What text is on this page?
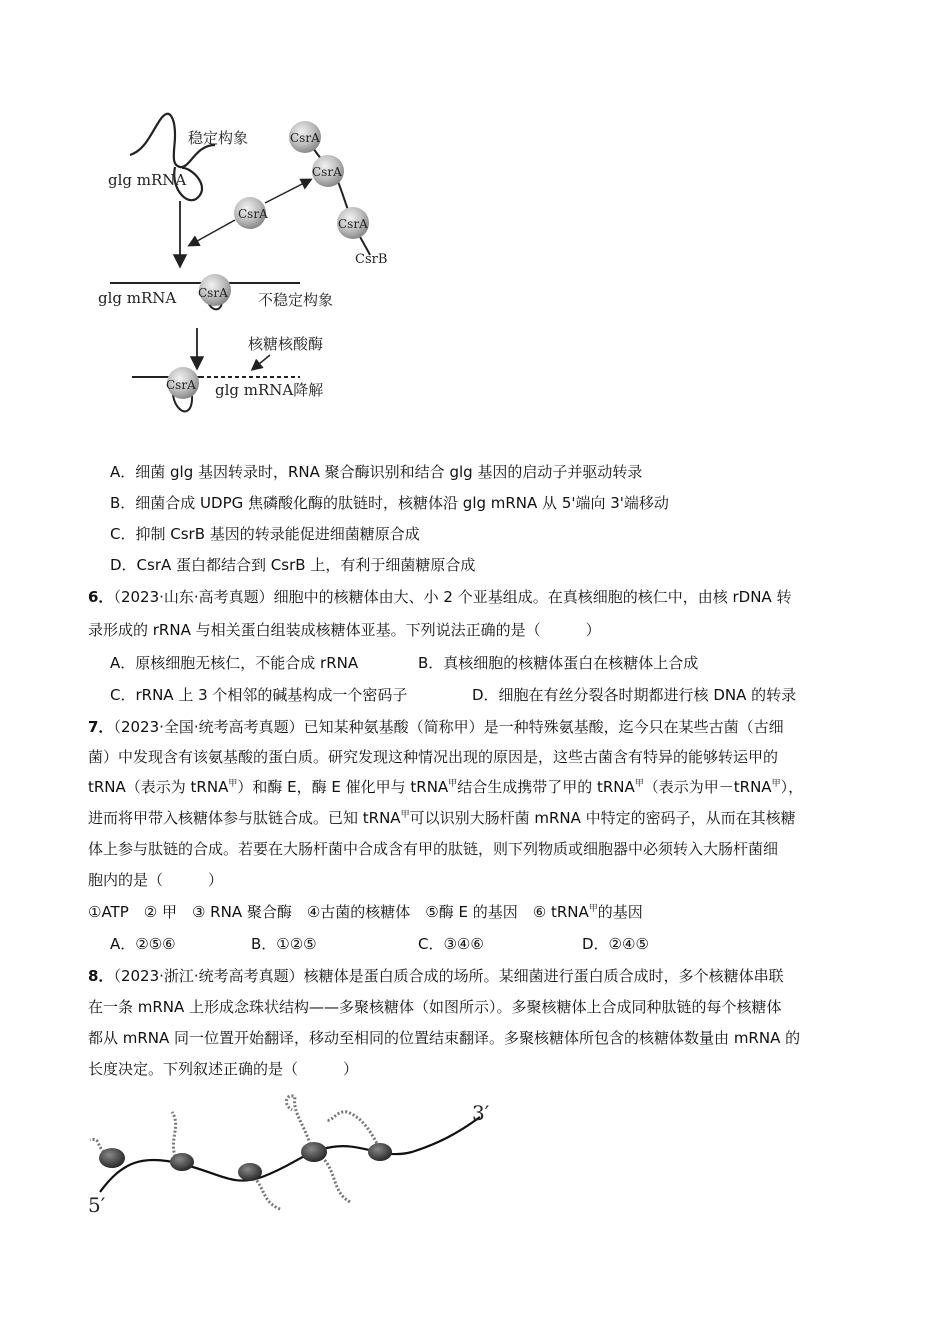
稳定构象
glg mRNA
CsrA
CsrA
CsrA
CsrB
CsrA
CsrA
glg mRNA	不稳定构象
核糖核酸酶
CsrA glg mRNA降解
A．细菌 glg 基因转录时，RNA 聚合酶识别和结合 glg 基因的启动子并驱动转录
B．细菌合成 UDPG 焦磷酸化酶的肽链时，核糖体沿 glg mRNA 从 5'端向 3'端移动
C．抑制 CsrB 基因的转录能促进细菌糖原合成
D．CsrA 蛋白都结合到 CsrB 上，有利于细菌糖原合成
6．（2023·山东·高考真题）细胞中的核糖体由大、小 2 个亚基组成。在真核细胞的核仁中，由核 rDNA 转
录形成的 rRNA 与相关蛋白组装成核糖体亚基。下列说法正确的是（　　　）
A．原核细胞无核仁，不能合成 rRNA	B．真核细胞的核糖体蛋白在核糖体上合成
C．rRNA 上 3 个相邻的碱基构成一个密码子	D．细胞在有丝分裂各时期都进行核 DNA 的转录
7．（2023·全国·统考高考真题）已知某种氨基酸（简称甲）是一种特殊氨基酸，迄今只在某些古菌（古细
菌）中发现含有该氨基酸的蛋白质。研究发现这种情况出现的原因是，这些古菌含有特异的能够转运甲的
tRNA（表示为 tRNA$^甲$）和酶 E，酶 E 催化甲与 tRNA$^甲$结合生成携带了甲的 tRNA$^甲$（表示为甲－tRNA$^甲$），
进而将甲带入核糖体参与肽链合成。已知 tRNA$^甲$可以识别大肠杆菌 mRNA 中特定的密码子，从而在其核糖
体上参与肽链的合成。若要在大肠杆菌中合成含有甲的肽链，则下列物质或细胞器中必须转入大肠杆菌细
胞内的是（　　　）
①ATP　② 甲　③ RNA 聚合酶　④古菌的核糖体　⑤酶 E 的基因　⑥ tRNA$^甲$的基因
A．②⑤⑥	B．①②⑤	C．③④⑥	D．②④⑤
8．（2023·浙江·统考高考真题）核糖体是蛋白质合成的场所。某细菌进行蛋白质合成时，多个核糖体串联
在一条 mRNA 上形成念珠状结构——多聚核糖体（如图所示）。多聚核糖体上合成同种肽链的每个核糖体
都从 mRNA 同一位置开始翻译，移动至相同的位置结束翻译。多聚核糖体所包含的核糖体数量由 mRNA 的
长度决定。下列叙述正确的是（　　　）
3′
5′
